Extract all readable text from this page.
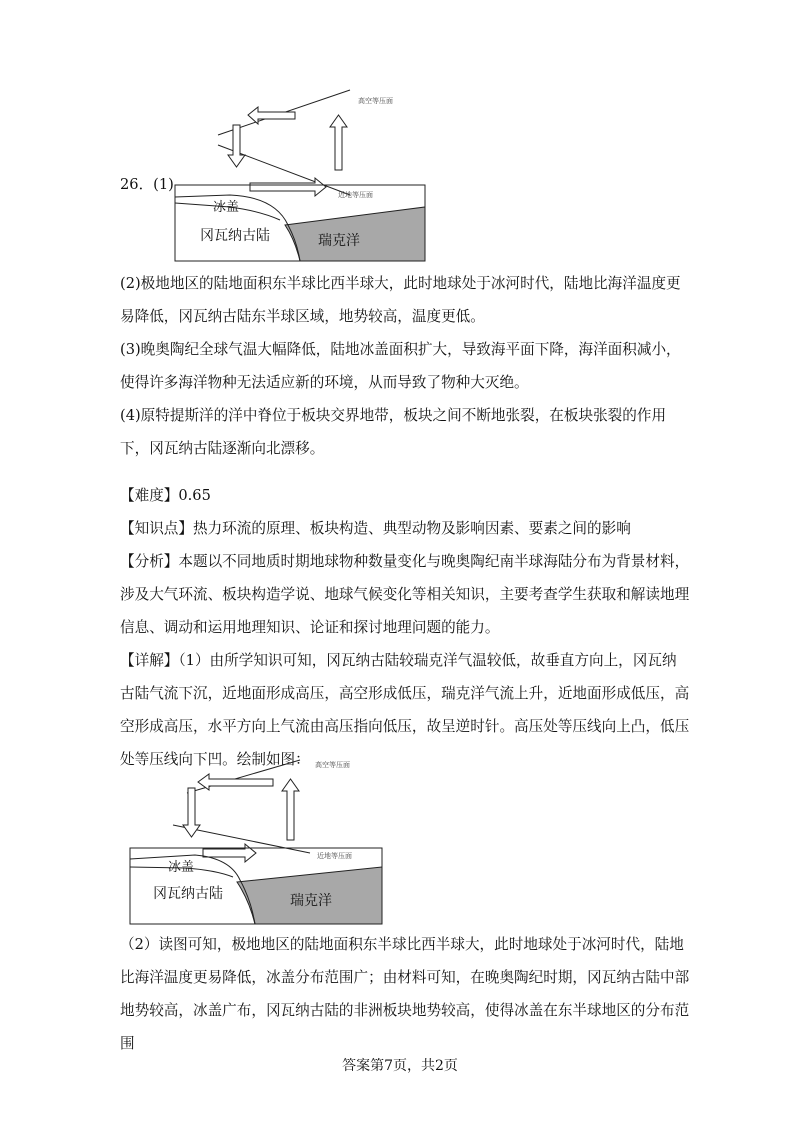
26．(1)
高空等压面
近地等压面
冰盖
冈瓦纳古陆	瑞克洋

(2)极地地区的陆地面积东半球比西半球大，此时地球处于冰河时代，陆地比海洋温度更易降低，冈瓦纳古陆东半球区域，地势较高，温度更低。

(3)晚奥陶纪全球气温大幅降低，陆地冰盖面积扩大，导致海平面下降，海洋面积减小，使得许多海洋物种无法适应新的环境，从而导致了物种大灭绝。

(4)原特提斯洋的洋中脊位于板块交界地带，板块之间不断地张裂，在板块张裂的作用下，冈瓦纳古陆逐渐向北漂移。

【难度】0.65

【知识点】热力环流的原理、板块构造、典型动物及影响因素、要素之间的影响

【分析】本题以不同地质时期地球物种数量变化与晚奥陶纪南半球海陆分布为背景材料，涉及大气环流、板块构造学说、地球气候变化等相关知识，主要考查学生获取和解读地理信息、调动和运用地理知识、论证和探讨地理问题的能力。

【详解】（1）由所学知识可知，冈瓦纳古陆较瑞克洋气温较低，故垂直方向上，冈瓦纳古陆气流下沉，近地面形成高压，高空形成低压，瑞克洋气流上升，近地面形成低压，高空形成高压，水平方向上气流由高压指向低压，故呈逆时针。高压处等压线向上凸，低压处等压线向下凹。绘制如图： 高空等压面
近地等压面
冰盖
冈瓦纳古陆	瑞克洋

（2）读图可知，极地地区的陆地面积东半球比西半球大，此时地球处于冰河时代，陆地比海洋温度更易降低，冰盖分布范围广；由材料可知，在晚奥陶纪时期，冈瓦纳古陆中部地势较高，冰盖广布，冈瓦纳古陆的非洲板块地势较高，使得冰盖在东半球地区的分布范围

答案第7页，共2页
